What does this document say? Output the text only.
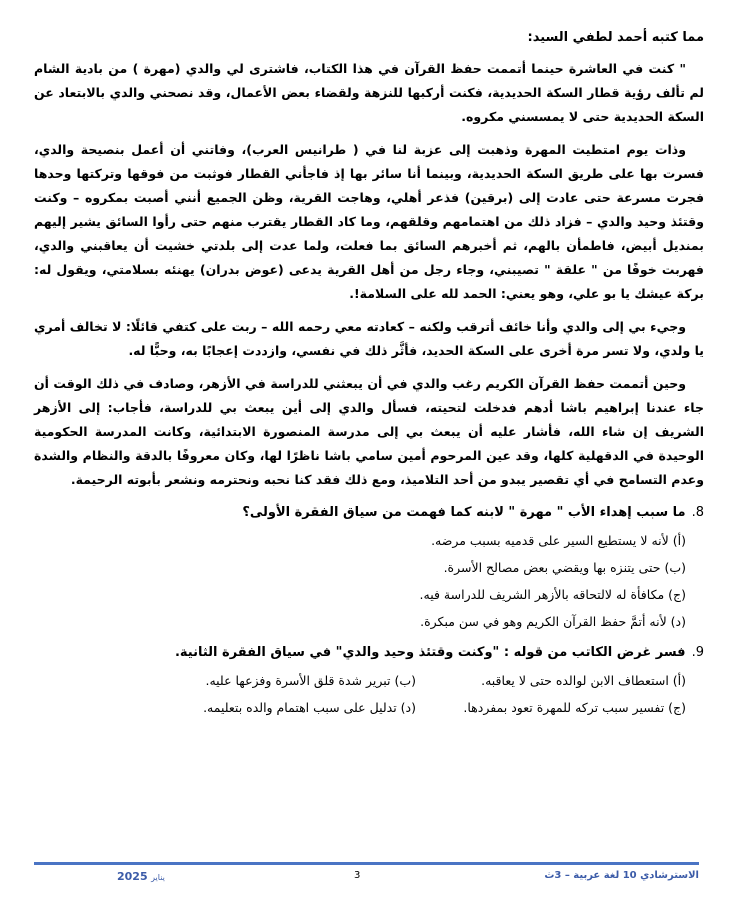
مما كتبه أحمد لطفي السيد:

" كنت في العاشرة حينما أتممت حفظ القرآن في هذا الكتاب، فاشترى لي والدي (مهرة ) من بادية الشام لم تألف رؤية قطار السكة الحديدية، فكنت أركبها للنزهة ولقضاء بعض الأعمال، وقد نصحني والدي بالابتعاد عن السكة الحديدية حتى لا يمسسني مكروه.

وذات يوم امتطيت المهرة وذهبت إلى عزبة لنا في ( طرانيس العرب)، وفاتني أن أعمل بنصيحة والدي، فسرت بها على طريق السكة الحديدية، وبينما أنا سائر بها إذ فاجأني القطار فوثبت من فوقها وتركتها وحدها فجرت مسرعة حتى عادت إلى (برقين) فذعر أهلي، وهاجت القرية، وظن الجميع أنني أصبت بمكروه – وكنت وقتئذ وحيد والدي – فزاد ذلك من اهتمامهم وقلقهم، وما كاد القطار يقترب منهم حتى رأوا السائق يشير إليهم بمنديل أبيض، فاطمأن بالهم، ثم أخبرهم السائق بما فعلت، ولما عدت إلى بلدتي خشيت أن يعاقبني والدي، فهربت خوفًا من " علقة " تصيبني، وجاء رجل من أهل القرية يدعى (عوض بدران) يهنئه بسلامتي، ويقول له: بركة عيشك يا بو علي، وهو يعني: الحمد لله على السلامة!.

وجيء بي إلى والدي وأنا خائف أترقب ولكنه – كعادته معي رحمه الله – ربت على كتفي قائلًا: لا تخالف أمري يا ولدي، ولا تسر مرة أخرى على السكة الحديد، فأثَّر ذلك في نفسي، وازددت إعجابًا به، وحبًّا له.

وحين أتممت حفظ القرآن الكريم رغب والدي في أن يبعثني للدراسة في الأزهر، وصادف في ذلك الوقت أن جاء عندنا إبراهيم باشا أدهم فدخلت لتحيته، فسأل والدي إلى أين يبعث بي للدراسة، فأجاب: إلى الأزهر الشريف إن شاء الله، فأشار عليه أن يبعث بي إلى مدرسة المنصورة الابتدائية، وكانت المدرسة الحكومية الوحيدة في الدقهلية كلها، وقد عين المرحوم أمين سامي باشا ناظرًا لها، وكان معروفًا بالدقة والنظام والشدة وعدم التسامح في أي تقصير يبدو من أحد التلاميذ، ومع ذلك فقد كنا نحبه ونحترمه ونشعر بأبوته الرحيمة.

8.ما سبب إهداء الأب " مهرة " لابنه كما فهمت من سياق الفقرة الأولى؟
(أ) لأنه لا يستطيع السير على قدميه بسبب مرضه.
(ب) حتى يتنزه بها ويقضي بعض مصالح الأسرة.
(ج) مكافأة له لالتحاقه بالأزهر الشريف للدراسة فيه.
(د) لأنه أتمَّ حفظ القرآن الكريم وهو في سن مبكرة.
9.فسر غرض الكاتب من قوله : "وكنت وقتئذ وحيد والدي" في سياق الفقرة الثانية.
(أ) استعطاف الابن لوالده حتى لا يعاقبه.
(ب) تبرير شدة قلق الأسرة وفزعها عليه.
(ج) تفسير سبب تركه للمهرة تعود بمفردها.
(د) تدليل على سبب اهتمام والده بتعليمه.
يناير 2025	3	الاسترشادي 10 لغة عربية – 3ث
